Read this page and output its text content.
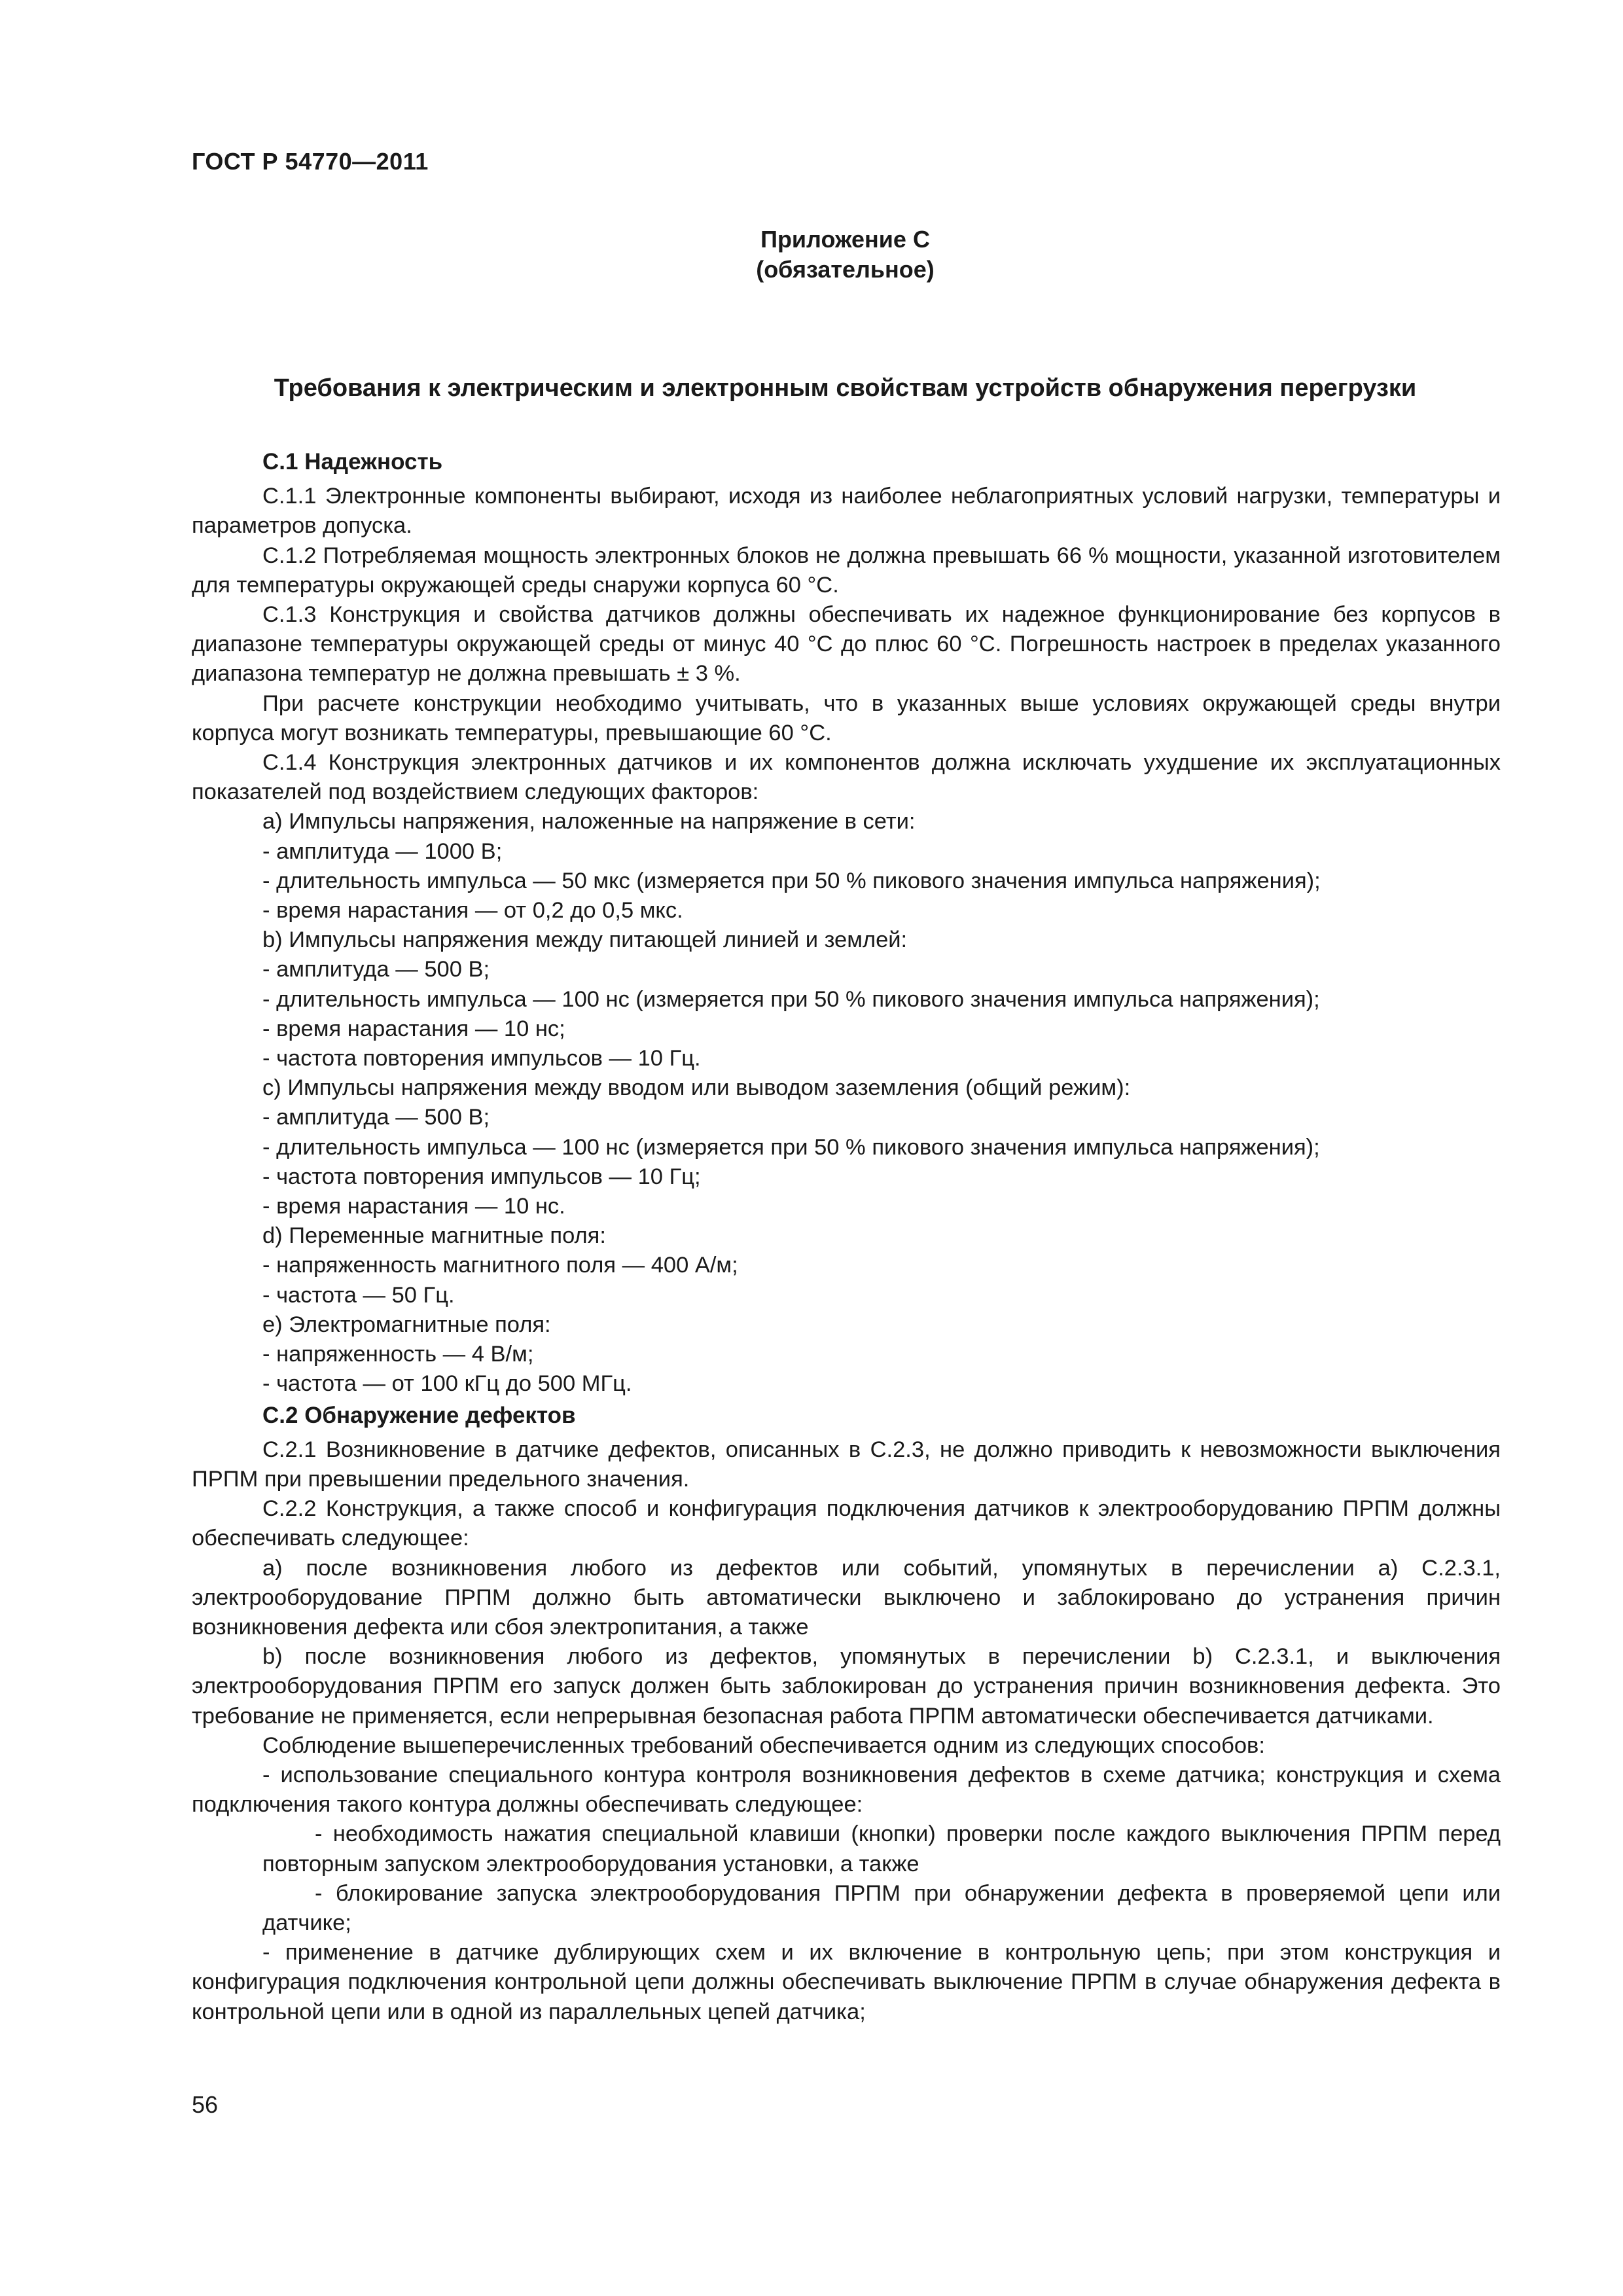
ГОСТ Р 54770—2011
Приложение С
(обязательное)
Требования к электрическим и электронным свойствам устройств обнаружения перегрузки
С.1 Надежность

С.1.1 Электронные компоненты выбирают, исходя из наиболее неблагоприятных условий нагрузки, температуры и параметров допуска.

С.1.2 Потребляемая мощность электронных блоков не должна превышать 66 % мощности, указанной изготовителем для температуры окружающей среды снаружи корпуса 60 °С.

С.1.3 Конструкция и свойства датчиков должны обеспечивать их надежное функционирование без корпусов в диапазоне температуры окружающей среды от минус 40 °С до плюс 60 °С. Погрешность настроек в пределах указанного диапазона температур не должна превышать ± 3 %.

При расчете конструкции необходимо учитывать, что в указанных выше условиях окружающей среды внутри корпуса могут возникать температуры, превышающие 60 °С.

С.1.4 Конструкция электронных датчиков и их компонентов должна исключать ухудшение их эксплуатационных показателей под воздействием следующих факторов:

a) Импульсы напряжения, наложенные на напряжение в сети:
- амплитуда — 1000 В;
- длительность импульса — 50 мкс (измеряется при 50 % пикового значения импульса напряжения);
- время нарастания — от 0,2 до 0,5 мкс.
b) Импульсы напряжения между питающей линией и землей:
- амплитуда — 500 В;
- длительность импульса — 100 нс (измеряется при 50 % пикового значения импульса напряжения);
- время нарастания — 10 нс;
- частота повторения импульсов — 10 Гц.
c) Импульсы напряжения между вводом или выводом заземления (общий режим):
- амплитуда — 500 В;
- длительность импульса — 100 нс (измеряется при 50 % пикового значения импульса напряжения);
- частота повторения импульсов — 10 Гц;
- время нарастания — 10 нс.
d) Переменные магнитные поля:
- напряженность магнитного поля — 400 А/м;
- частота — 50 Гц.
e) Электромагнитные поля:
- напряженность — 4 В/м;
- частота — от 100 кГц до 500 МГц.
С.2 Обнаружение дефектов

С.2.1 Возникновение в датчике дефектов, описанных в С.2.3, не должно приводить к невозможности выключения ПРПМ при превышении предельного значения.

С.2.2 Конструкция, а также способ и конфигурация подключения датчиков к электрооборудованию ПРПМ должны обеспечивать следующее:

а) после возникновения любого из дефектов или событий, упомянутых в перечислении а) С.2.3.1, электрооборудование ПРПМ должно быть автоматически выключено и заблокировано до устранения причин возникновения дефекта или сбоя электропитания, а также

b) после возникновения любого из дефектов, упомянутых в перечислении b) С.2.3.1, и выключения электрооборудования ПРПМ его запуск должен быть заблокирован до устранения причин возникновения дефекта. Это требование не применяется, если непрерывная безопасная работа ПРПМ автоматически обеспечивается датчиками.

Соблюдение вышеперечисленных требований обеспечивается одним из следующих способов:

- использование специального контура контроля возникновения дефектов в схеме датчика; конструкция и схема подключения такого контура должны обеспечивать следующее:

- необходимость нажатия специальной клавиши (кнопки) проверки после каждого выключения ПРПМ перед повторным запуском электрооборудования установки, а также

- блокирование запуска электрооборудования ПРПМ при обнаружении дефекта в проверяемой цепи или датчике;

- применение в датчике дублирующих схем и их включение в контрольную цепь; при этом конструкция и конфигурация подключения контрольной цепи должны обеспечивать выключение ПРПМ в случае обнаружения дефекта в контрольной цепи или в одной из параллельных цепей датчика;

56
